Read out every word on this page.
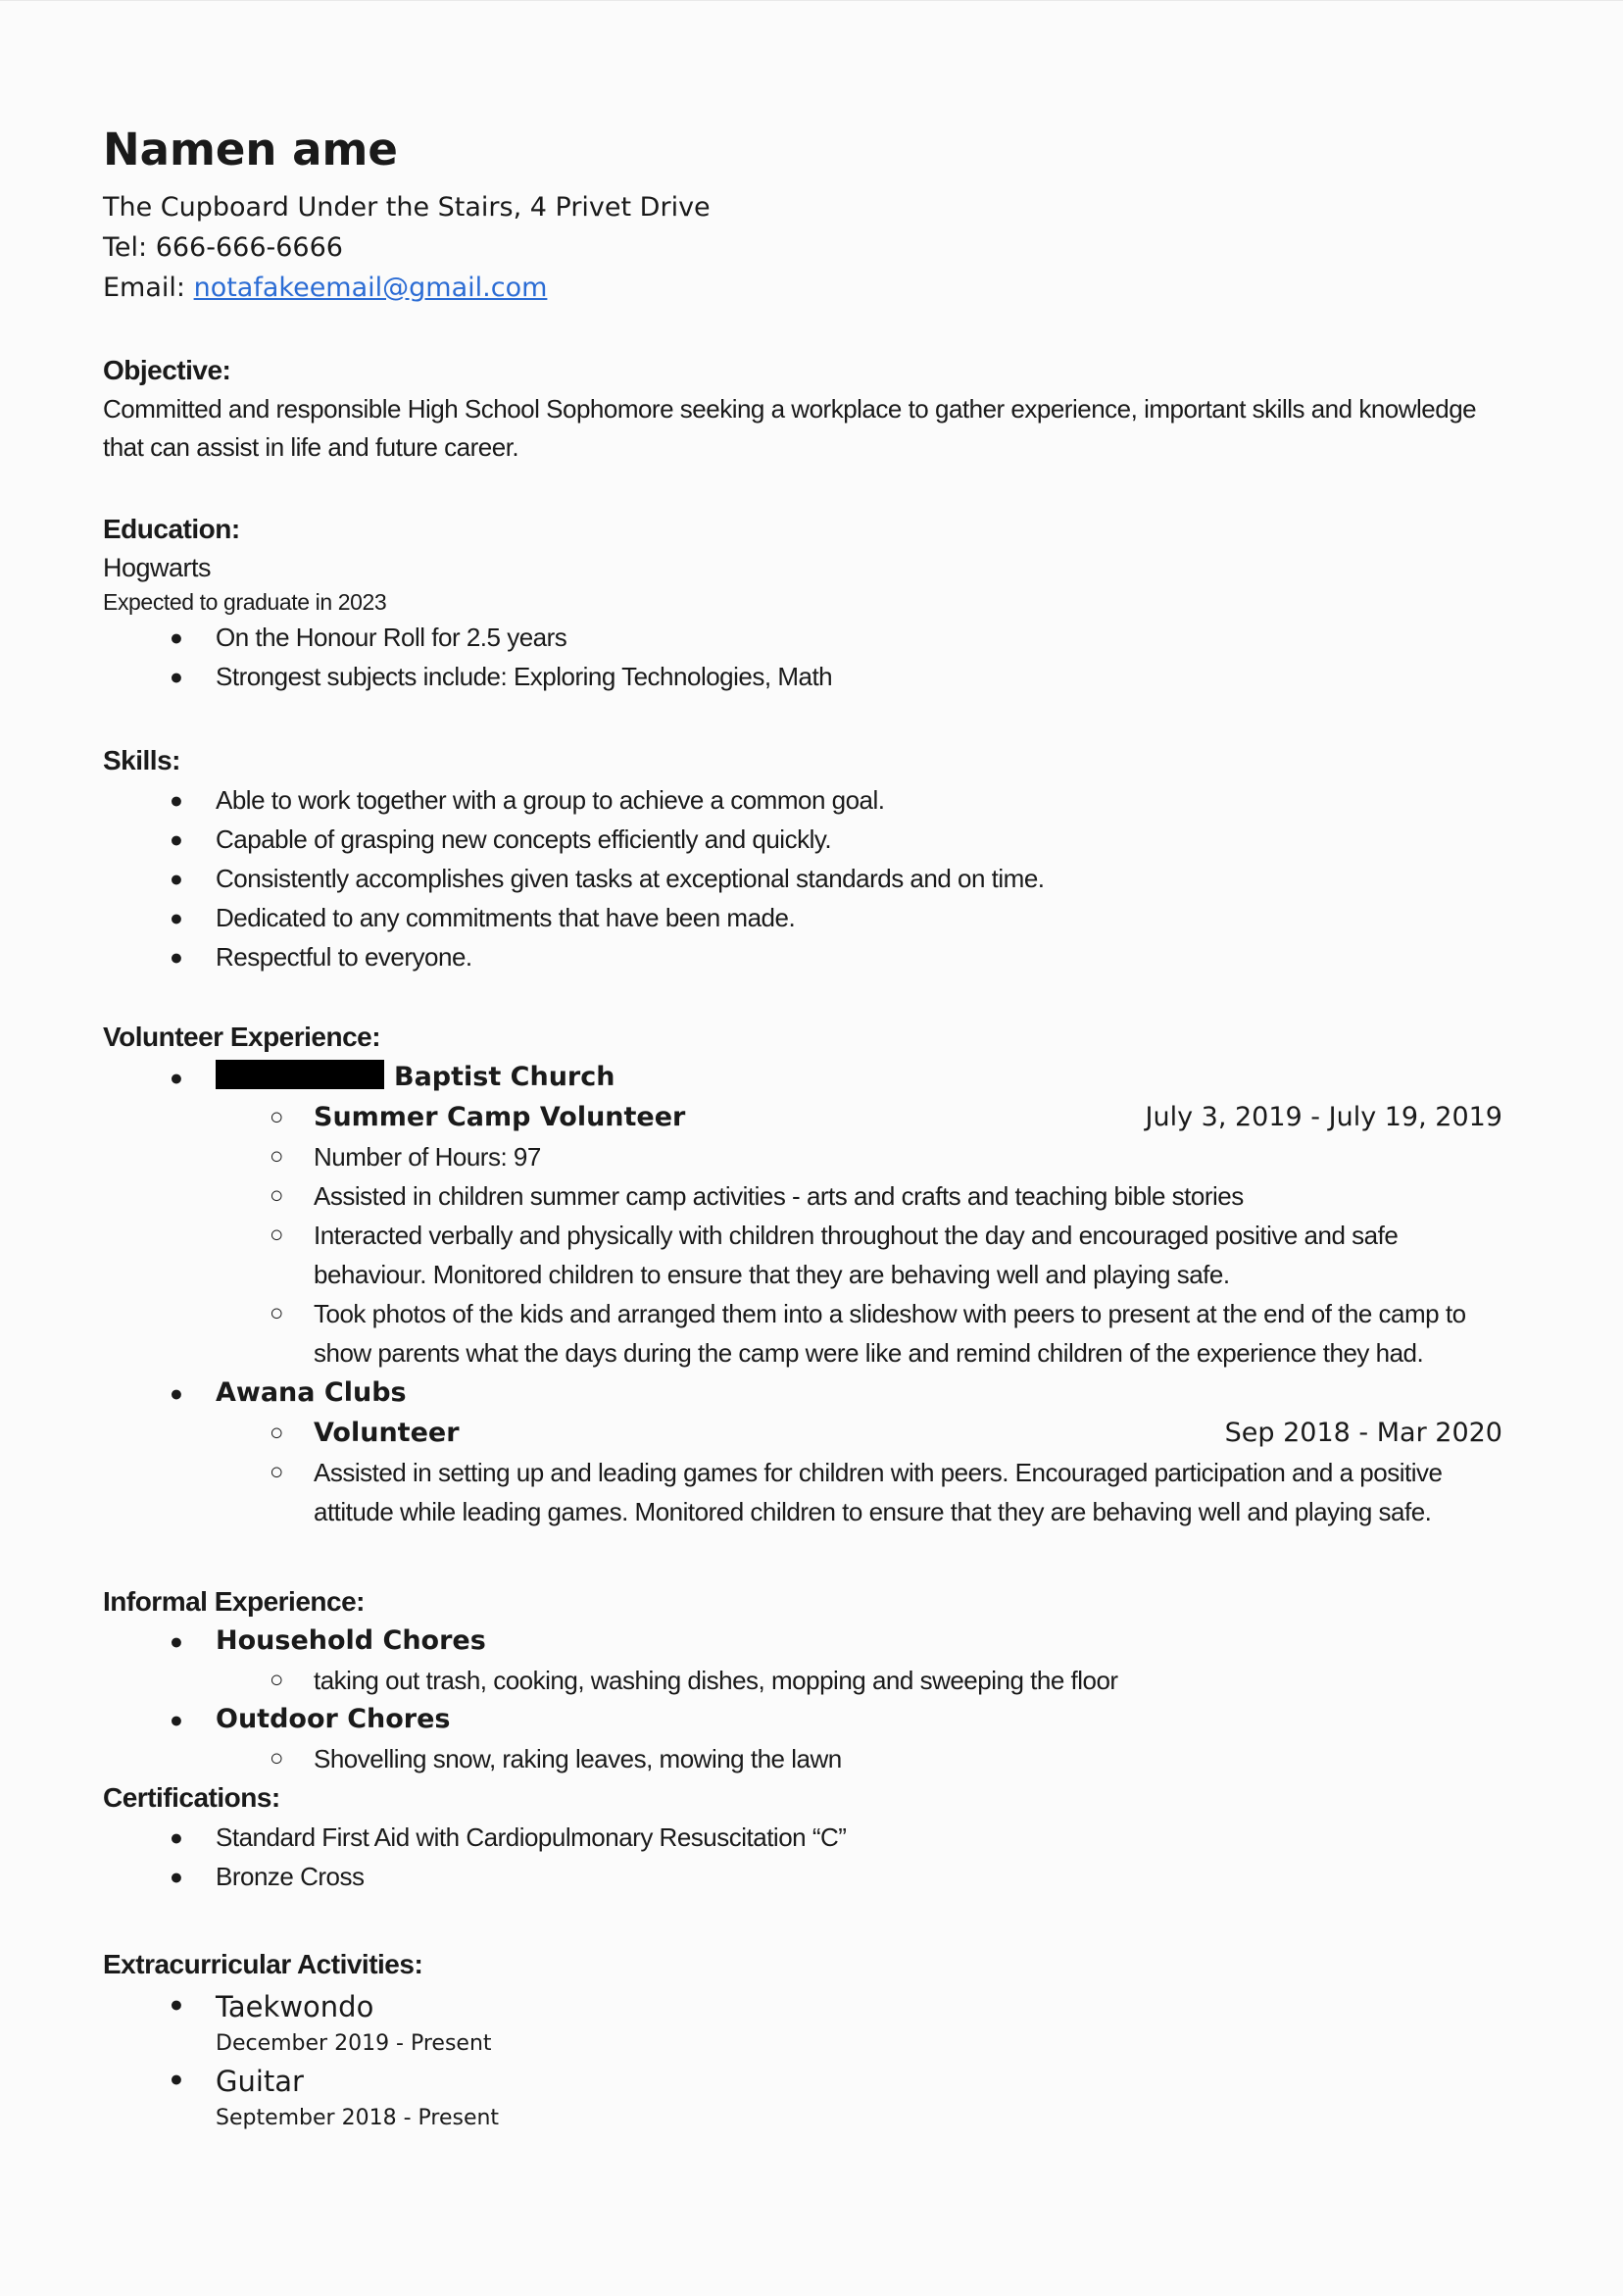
Namen ame
The Cupboard Under the Stairs, 4 Privet Drive
Tel: 666-666-6666
Email: notafakeemail@gmail.com
Objective:

Committed and responsible High School Sophomore seeking a workplace to gather experience, important skills and knowledge that can assist in life and future career.

Education:
Hogwarts
Expected to graduate in 2023
●	On the Honour Roll for 2.5 years
●	Strongest subjects include: Exploring Technologies, Math
Skills:
●	Able to work together with a group to achieve a common goal.
●	Capable of grasping new concepts efficiently and quickly.
●	Consistently accomplishes given tasks at exceptional standards and on time.
●	Dedicated to any commitments that have been made.
●	Respectful to everyone.
Volunteer Experience:
●	Baptist Church
○	Summer Camp Volunteer	July 3, 2019 - July 19, 2019
○	Number of Hours: 97
○	Assisted in children summer camp activities - arts and crafts and teaching bible stories
○	Interacted verbally and physically with children throughout the day and encouraged positive and safe behaviour. Monitored children to ensure that they are behaving well and playing safe.
○	Took photos of the kids and arranged them into a slideshow with peers to present at the end of the camp to show parents what the days during the camp were like and remind children of the experience they had.
●	Awana Clubs
○	Volunteer	Sep 2018 - Mar 2020
○	Assisted in setting up and leading games for children with peers. Encouraged participation and a positive attitude while leading games. Monitored children to ensure that they are behaving well and playing safe.
Informal Experience:
●	Household Chores
○	taking out trash, cooking, washing dishes, mopping and sweeping the floor
●	Outdoor Chores
○	Shovelling snow, raking leaves, mowing the lawn
Certifications:
●	Standard First Aid with Cardiopulmonary Resuscitation “C”
●	Bronze Cross
Extracurricular Activities:
●	Taekwondo
December 2019 - Present
●	Guitar
September 2018 - Present
